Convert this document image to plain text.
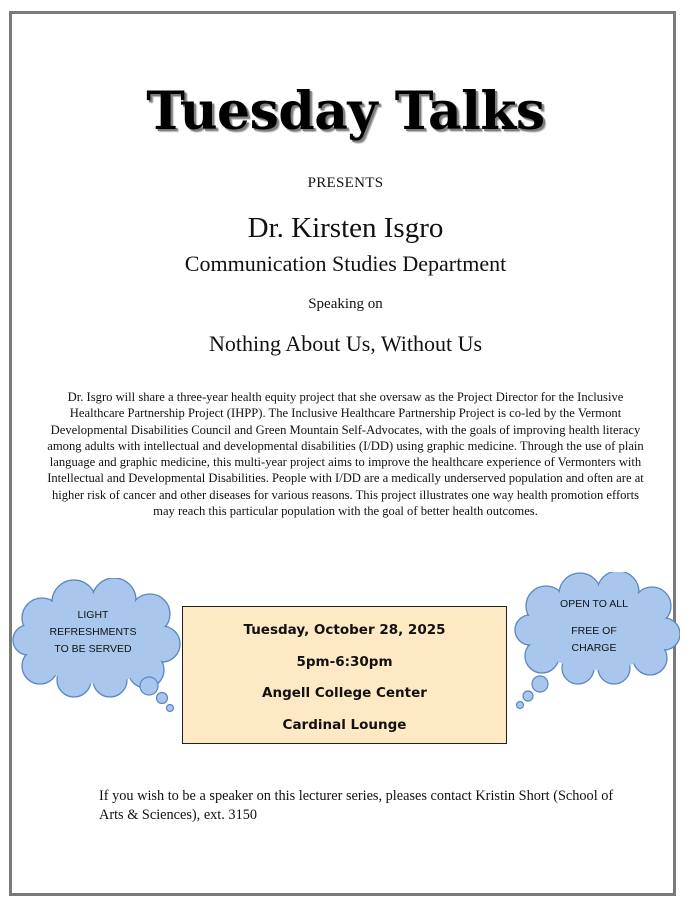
Tuesday Talks
PRESENTS
Dr. Kirsten Isgro
Communication Studies Department
Speaking on
Nothing About Us, Without Us
Dr. Isgro will share a three-year health equity project that she oversaw as the Project Director for the Inclusive Healthcare Partnership Project (IHPP). The Inclusive Healthcare Partnership Project is co-led by the Vermont Developmental Disabilities Council and Green Mountain Self-Advocates, with the goals of improving health literacy among adults with intellectual and developmental disabilities (I/DD) using graphic medicine. Through the use of plain language and graphic medicine, this multi-year project aims to improve the healthcare experience of Vermonters with Intellectual and Developmental Disabilities. People with I/DD are a medically underserved population and often are at higher risk of cancer and other diseases for various reasons. This project illustrates one way health promotion efforts may reach this particular population with the goal of better health outcomes.
LIGHT
REFRESHMENTS
TO BE SERVED
OPEN TO ALL
FREE OF
CHARGE
Tuesday, October 28, 2025
5pm-6:30pm
Angell College Center
Cardinal Lounge
If you wish to be a speaker on this lecturer series, pleases contact Kristin Short (School of Arts & Sciences), ext. 3150
